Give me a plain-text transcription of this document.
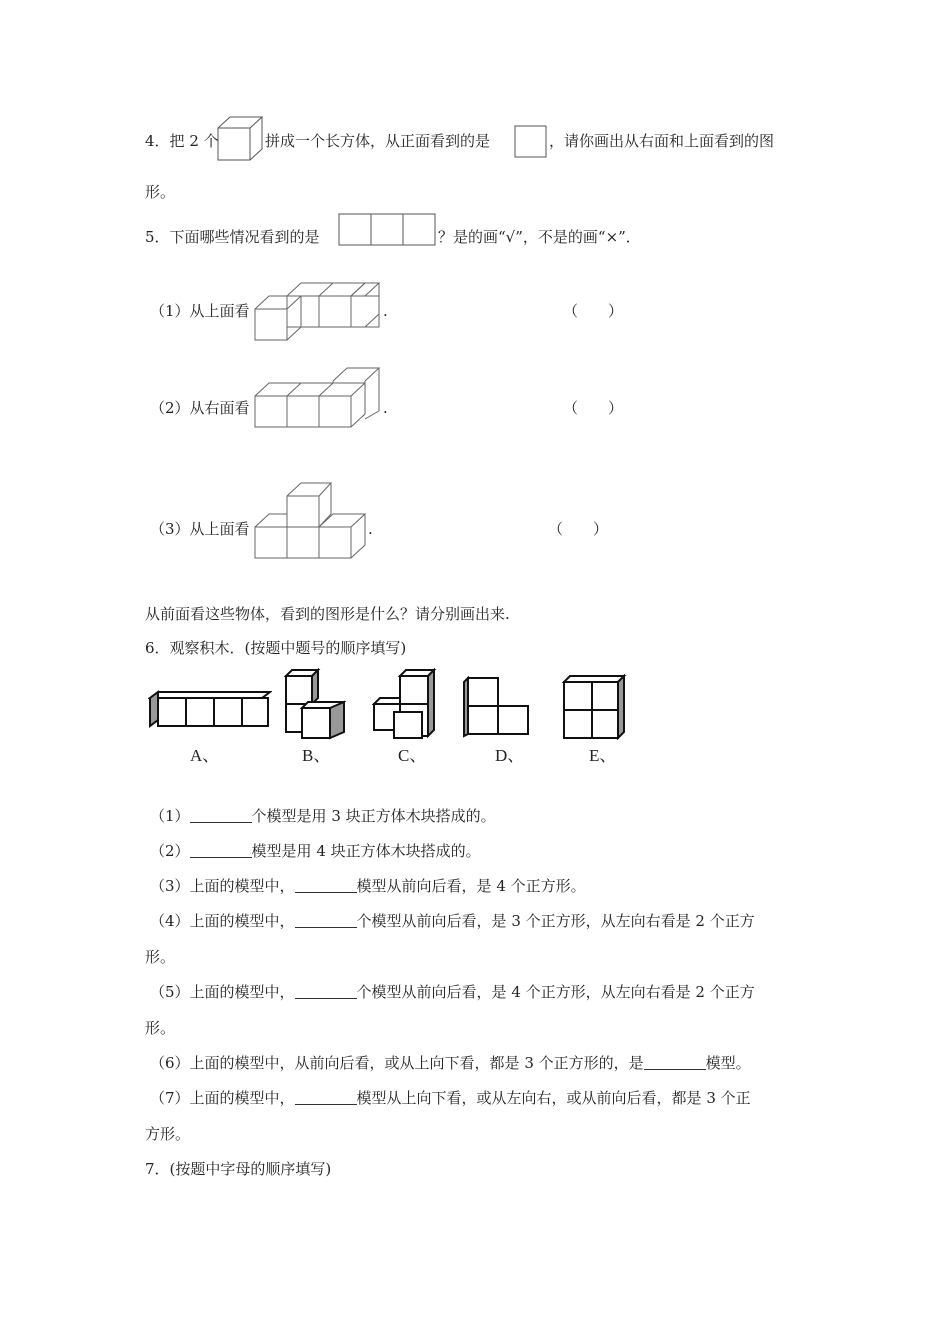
4．把 2 个	拼成一个长方体，从正面看到的是	，请你画出从右面和上面看到的图
形。
5．下面哪些情况看到的是	？是的画“√”，不是的画“×”．
（1）从上面看	.	（　　）
（2）从右面看	.	（　　）
（3）从上面看	.	（　　）
从前面看这些物体，看到的图形是什么？请分别画出来.
6．观察积木．(按题中题号的顺序填写)
A、	B、	C、	D、	E、
（1）	个模型是用 3 块正方体木块搭成的。
（2）	模型是用 4 块正方体木块搭成的。
（3）上面的模型中，	模型从前向后看，是 4 个正方形。
（4）上面的模型中，	个模型从前向后看，是 3 个正方形，从左向右看是 2 个正方
形。
（5）上面的模型中，	个模型从前向后看，是 4 个正方形，从左向右看是 2 个正方
形。
（6）上面的模型中，从前向后看，或从上向下看，都是 3 个正方形的，是	模型。
（7）上面的模型中，	模型从上向下看，或从左向右，或从前向后看，都是 3 个正
方形。
7．(按题中字母的顺序填写)
